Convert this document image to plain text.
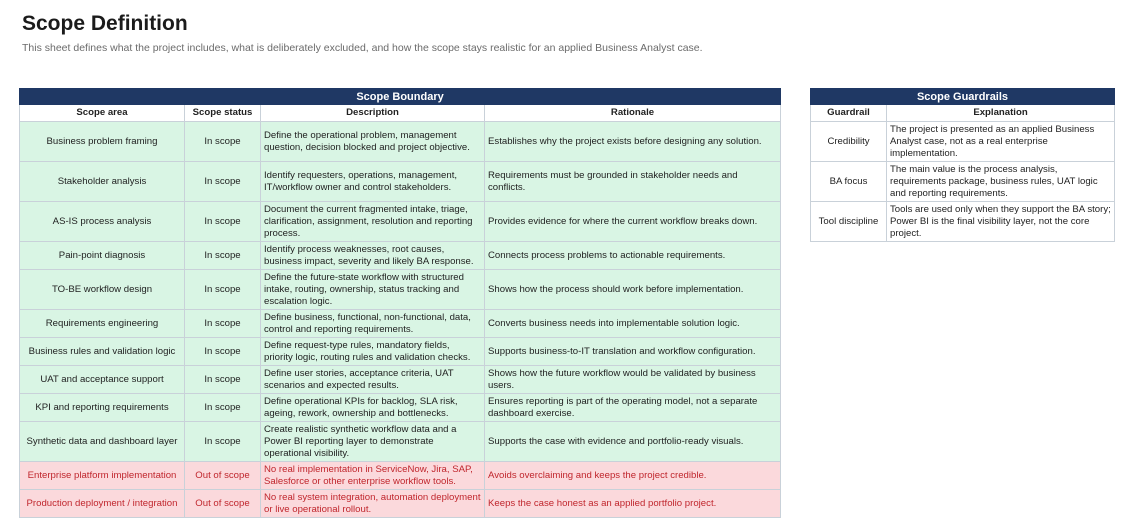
Scope Definition
This sheet defines what the project includes, what is deliberately excluded, and how the scope stays realistic for an applied Business Analyst case.
Scope Boundary			
Scope area	Scope status	Description	Rationale
Business problem framing	In scope	Define the operational problem, management question, decision blocked and project objective.	Establishes why the project exists before designing any solution.
Stakeholder analysis	In scope	Identify requesters, operations, management, IT/workflow owner and control stakeholders.	Requirements must be grounded in stakeholder needs and conflicts.
AS-IS process analysis	In scope	Document the current fragmented intake, triage, clarification, assignment, resolution and reporting process.	Provides evidence for where the current workflow breaks down.
Pain-point diagnosis	In scope	Identify process weaknesses, root causes, business impact, severity and likely BA response.	Connects process problems to actionable requirements.
TO-BE workflow design	In scope	Define the future-state workflow with structured intake, routing, ownership, status tracking and escalation logic.	Shows how the process should work before implementation.
Requirements engineering	In scope	Define business, functional, non-functional, data, control and reporting requirements.	Converts business needs into implementable solution logic.
Business rules and validation logic	In scope	Define request-type rules, mandatory fields, priority logic, routing rules and validation checks.	Supports business-to-IT translation and workflow configuration.
UAT and acceptance support	In scope	Define user stories, acceptance criteria, UAT scenarios and expected results.	Shows how the future workflow would be validated by business users.
KPI and reporting requirements	In scope	Define operational KPIs for backlog, SLA risk, ageing, rework, ownership and bottlenecks.	Ensures reporting is part of the operating model, not a separate dashboard exercise.
Synthetic data and dashboard layer	In scope	Create realistic synthetic workflow data and a Power BI reporting layer to demonstrate operational visibility.	Supports the case with evidence and portfolio-ready visuals.
Enterprise platform implementation	Out of scope	No real implementation in ServiceNow, Jira, SAP, Salesforce or other enterprise workflow tools.	Avoids overclaiming and keeps the project credible.
Production deployment / integration	Out of scope	No real system integration, automation deployment or live operational rollout.	Keeps the case honest as an applied portfolio project.
Scope Guardrails	
Guardrail	Explanation
Credibility	The project is presented as an applied Business Analyst case, not as a real enterprise implementation.
BA focus	The main value is the process analysis, requirements package, business rules, UAT logic and reporting requirements.
Tool discipline	Tools are used only when they support the BA story; Power BI is the final visibility layer, not the core project.
